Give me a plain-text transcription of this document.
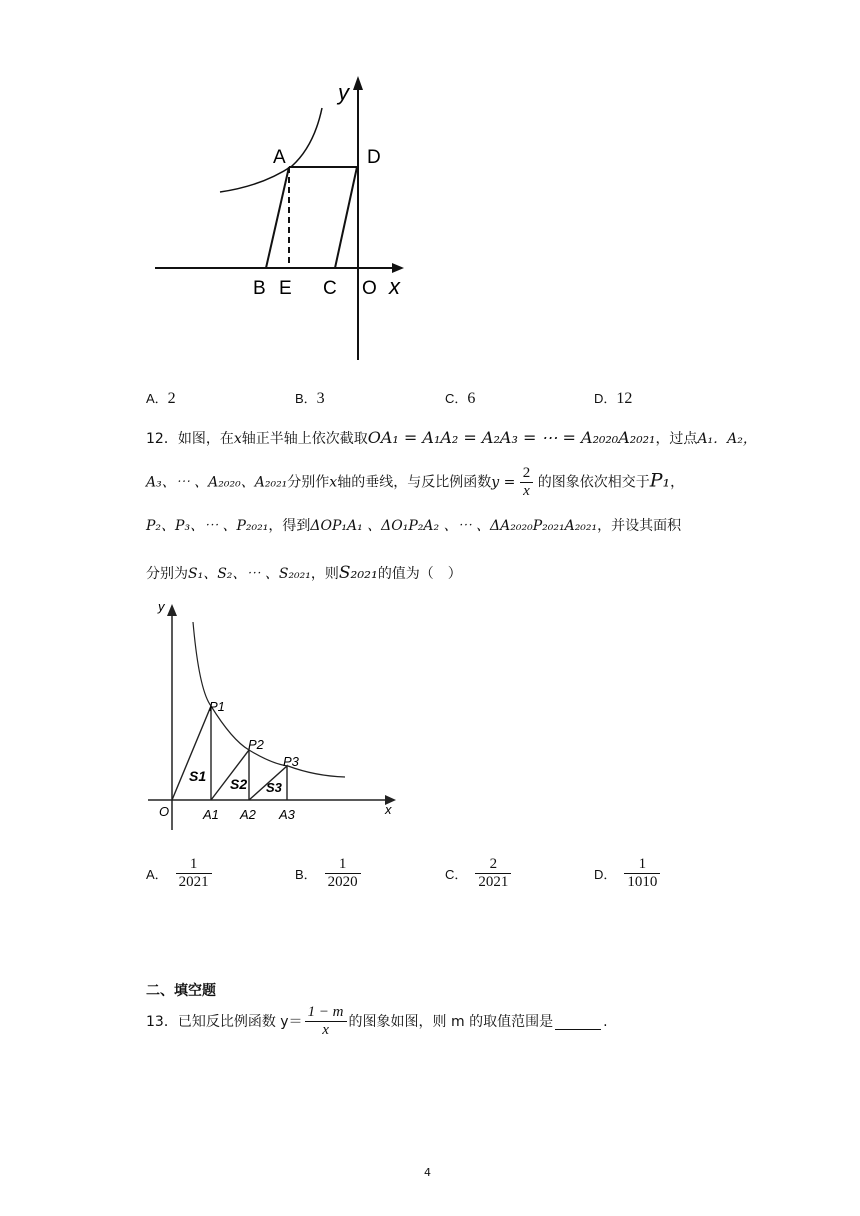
y
A	D
B E C O x
A．2	B．3	C．6	D．12
12．如图，在x轴正半轴上依次截取OA₁ = A₁A₂ = A₂A₃ = ⋯ = A₂₀₂₀A₂₀₂₁，过点A₁．A₂，
A₃、⋯ 、A₂₀₂₀、A₂₀₂₁分别作x轴的垂线，与反比例函数$y = \frac{2}{x}$ 的图象依次相交于P₁，
P₂、P₃、⋯ 、P₂₀₂₁，得到ΔOP₁A₁ 、ΔO₁P₂A₂ 、⋯ 、ΔA₂₀₂₀P₂₀₂₁A₂₀₂₁，并设其面积
分别为S₁、S₂、⋯ 、S₂₀₂₁，则S₂₀₂₁的值为（　）
y
x
O
P1
P2
P3
A1 A2 A3
S1 S2 S3
A． $\frac{1}{2021}$	B． $\frac{1}{2020}$	C． $\frac{2}{2021}$	D． $\frac{1}{1010}$
二、填空题
13．已知反比例函数 $y= \frac{1 - m}{x}$ 的图象如图，则 m 的取值范围是	.
4
